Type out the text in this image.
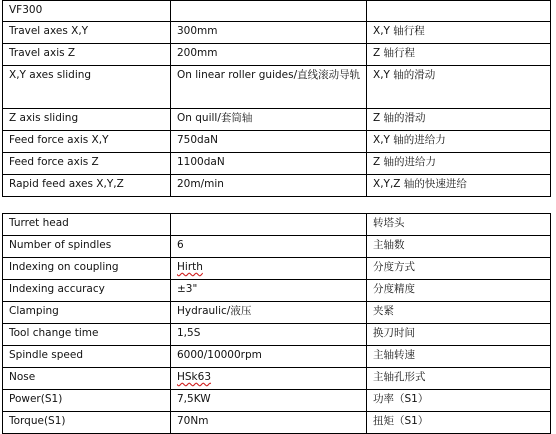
VF300		
Travel axes X,Y	300mm	X,Y 轴行程
Travel axis Z	200mm	Z 轴行程
X,Y axes sliding	On linear roller guides/直线滚动导轨	X,Y 轴的滑动
Z axis sliding	On quill/套筒轴	Z 轴的滑动
Feed force axis X,Y	750daN	X,Y 轴的进给力
Feed force axis Z	1100daN	Z 轴的进给力
Rapid feed axes X,Y,Z	20m/min	X,Y,Z 轴的快速进给
Turret head		转塔头
Number of spindles	6	主轴数
Indexing on coupling	Hirth	分度方式
Indexing accuracy	±3"	分度精度
Clamping	Hydraulic/液压	夹紧
Tool change time	1,5S	换刀时间
Spindle speed	6000/10000rpm	主轴转速
Nose	HSk63	主轴孔形式
Power(S1)	7,5KW	功率（S1）
Torque(S1)	70Nm	扭矩（S1）
